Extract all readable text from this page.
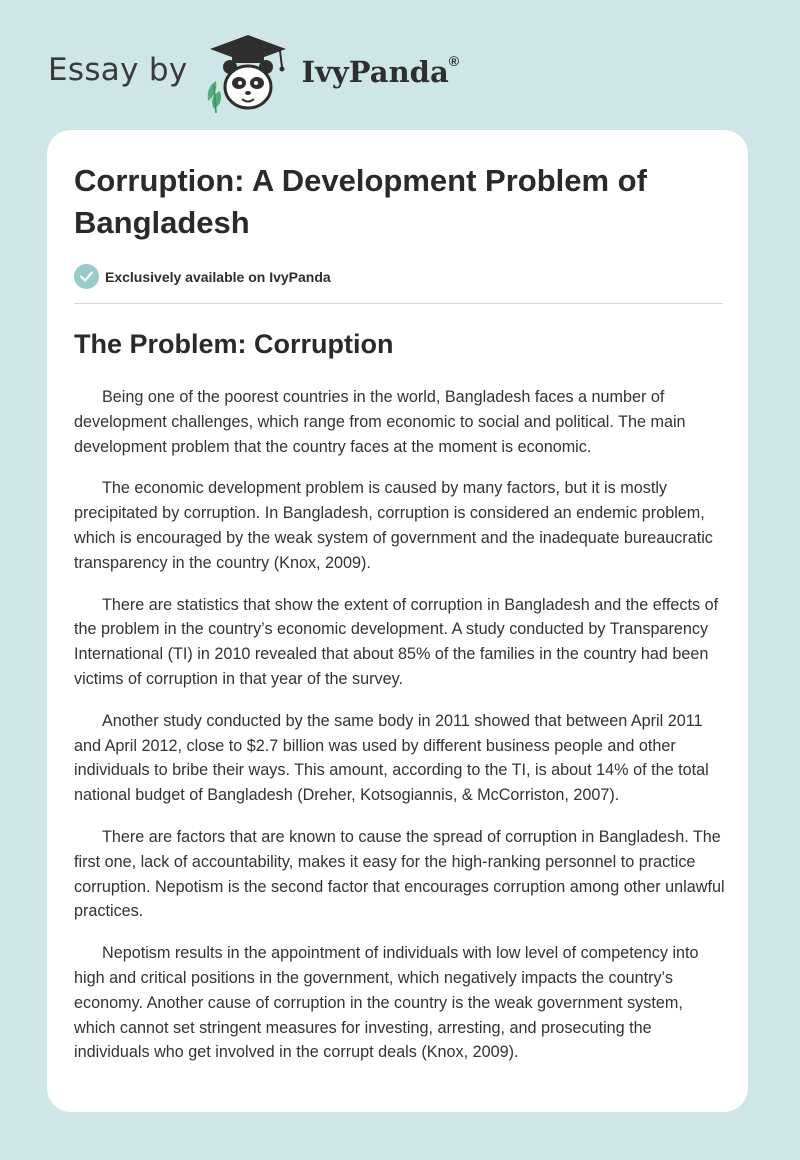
Essay by	IvyPanda®
Corruption: A Development Problem of Bangladesh
Exclusively available on IvyPanda
The Problem: Corruption

Being one of the poorest countries in the world, Bangladesh faces a number of development challenges, which range from economic to social and political. The main development problem that the country faces at the moment is economic.

The economic development problem is caused by many factors, but it is mostly precipitated by corruption. In Bangladesh, corruption is considered an endemic problem, which is encouraged by the weak system of government and the inadequate bureaucratic transparency in the country (Knox, 2009).

There are statistics that show the extent of corruption in Bangladesh and the effects of the problem in the country’s economic development. A study conducted by Transparency International (TI) in 2010 revealed that about 85% of the families in the country had been victims of corruption in that year of the survey.

Another study conducted by the same body in 2011 showed that between April 2011 and April 2012, close to $2.7 billion was used by different business people and other individuals to bribe their ways. This amount, according to the TI, is about 14% of the total national budget of Bangladesh (Dreher, Kotsogiannis, & McCorriston, 2007).

There are factors that are known to cause the spread of corruption in Bangladesh. The first one, lack of accountability, makes it easy for the high-ranking personnel to practice corruption. Nepotism is the second factor that encourages corruption among other unlawful practices.

Nepotism results in the appointment of individuals with low level of competency into high and critical positions in the government, which negatively impacts the country’s economy. Another cause of corruption in the country is the weak government system, which cannot set stringent measures for investing, arresting, and prosecuting the individuals who get involved in the corrupt deals (Knox, 2009).
